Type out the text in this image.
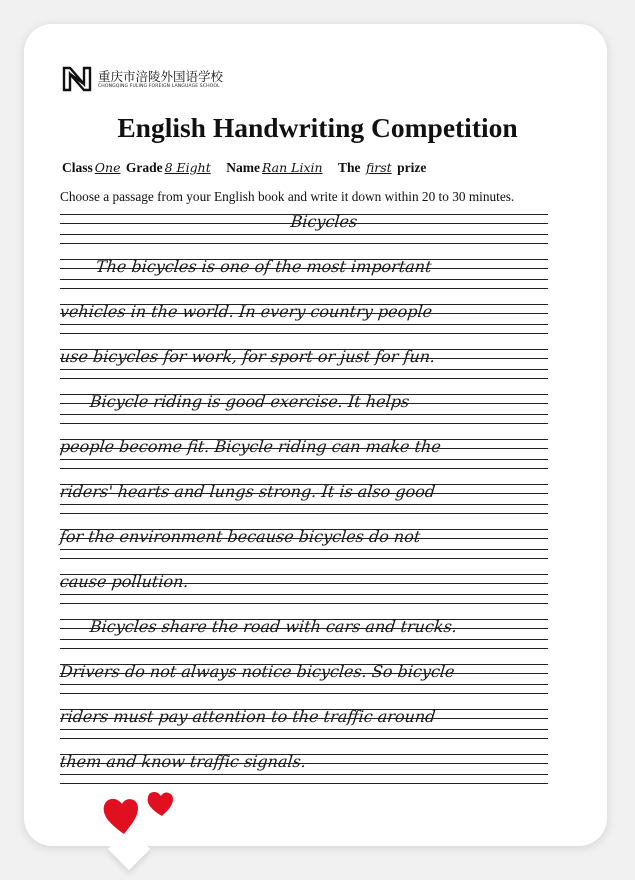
重庆市涪陵外国语学校
CHONGQING FULING FOREIGN LANGUAGE SCHOOL
English Handwriting Competition
Class One Grade 8 Eight Name Ran Lixin The first prize
Choose a passage from your English book and write it down within 20 to 30 minutes.
Bicycles
The bicycles is one of the most important
vehicles in the world. In every country people
use bicycles for work, for sport or just for fun.
Bicycle riding is good exercise. It helps
people become fit. Bicycle riding can make the
riders' hearts and lungs strong. It is also good
for the environment because bicycles do not
cause pollution.
Bicycles share the road with cars and trucks.
Drivers do not always notice bicycles. So bicycle
riders must pay attention to the traffic around
them and know traffic signals.
